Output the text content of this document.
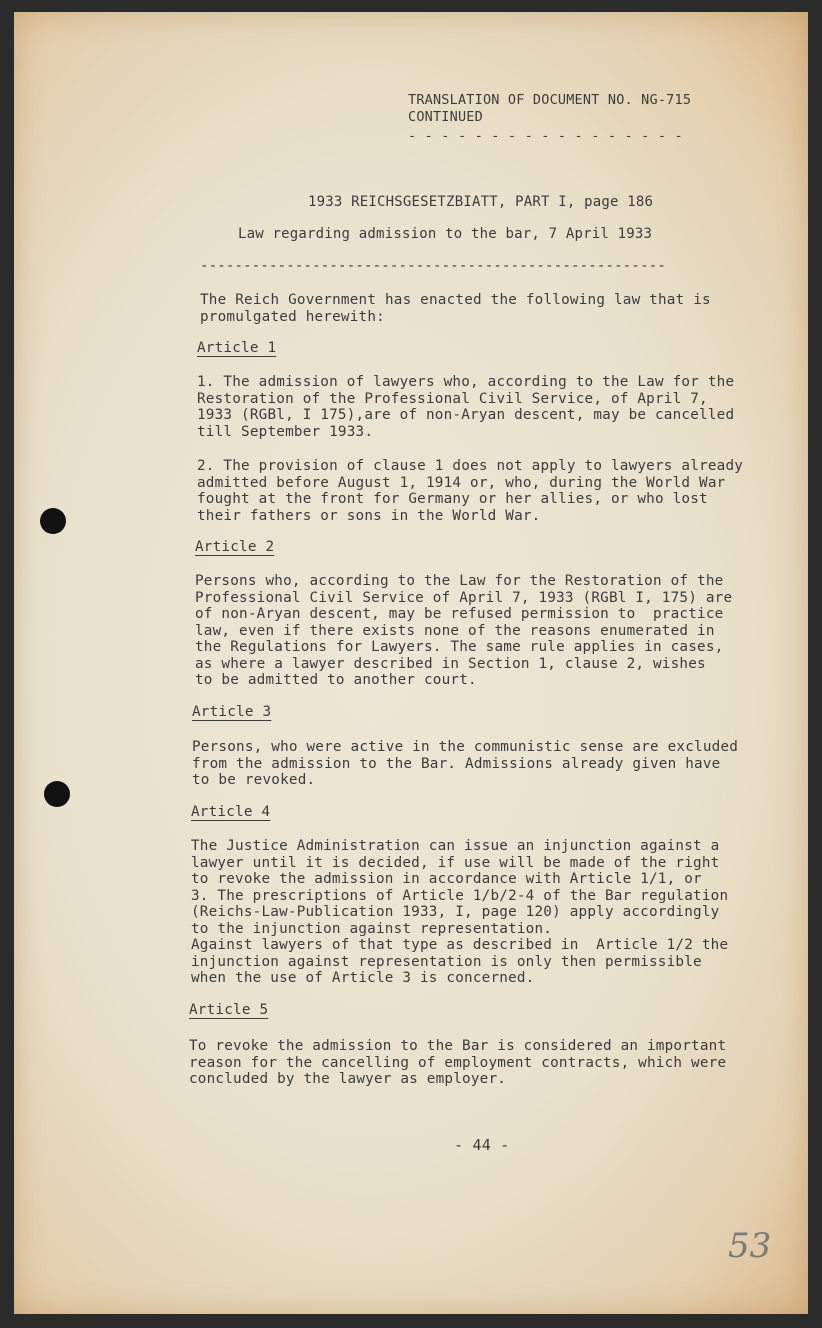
TRANSLATION OF DOCUMENT NO. NG-715
CONTINUED
- - - - - - - - - - - - - - - - -
1933 REICHSGESETZBIATT, PART I, page 186
Law regarding admission to the bar, 7 April 1933
------------------------------------------------------
The Reich Government has enacted the following law that is
promulgated herewith:
Article 1
1. The admission of lawyers who, according to the Law for the
Restoration of the Professional Civil Service, of April 7,
1933 (RGBl, I 175),are of non-Aryan descent, may be cancelled
till September 1933.
2. The provision of clause 1 does not apply to lawyers already
admitted before August 1, 1914 or, who, during the World War
fought at the front for Germany or her allies, or who lost
their fathers or sons in the World War.
Article 2
Persons who, according to the Law for the Restoration of the
Professional Civil Service of April 7, 1933 (RGBl I, 175) are
of non-Aryan descent, may be refused permission to  practice
law, even if there exists none of the reasons enumerated in
the Regulations for Lawyers. The same rule applies in cases,
as where a lawyer described in Section 1, clause 2, wishes
to be admitted to another court.
Article 3
Persons, who were active in the communistic sense are excluded
from the admission to the Bar. Admissions already given have
to be revoked.
Article 4
The Justice Administration can issue an injunction against a
lawyer until it is decided, if use will be made of the right
to revoke the admission in accordance with Article 1/1, or
3. The prescriptions of Article 1/b/2-4 of the Bar regulation
(Reichs-Law-Publication 1933, I, page 120) apply accordingly
to the injunction against representation.
Against lawyers of that type as described in  Article 1/2 the
injunction against representation is only then permissible
when the use of Article 3 is concerned.
Article 5
To revoke the admission to the Bar is considered an important
reason for the cancelling of employment contracts, which were
concluded by the lawyer as employer.
- 44 -
53
